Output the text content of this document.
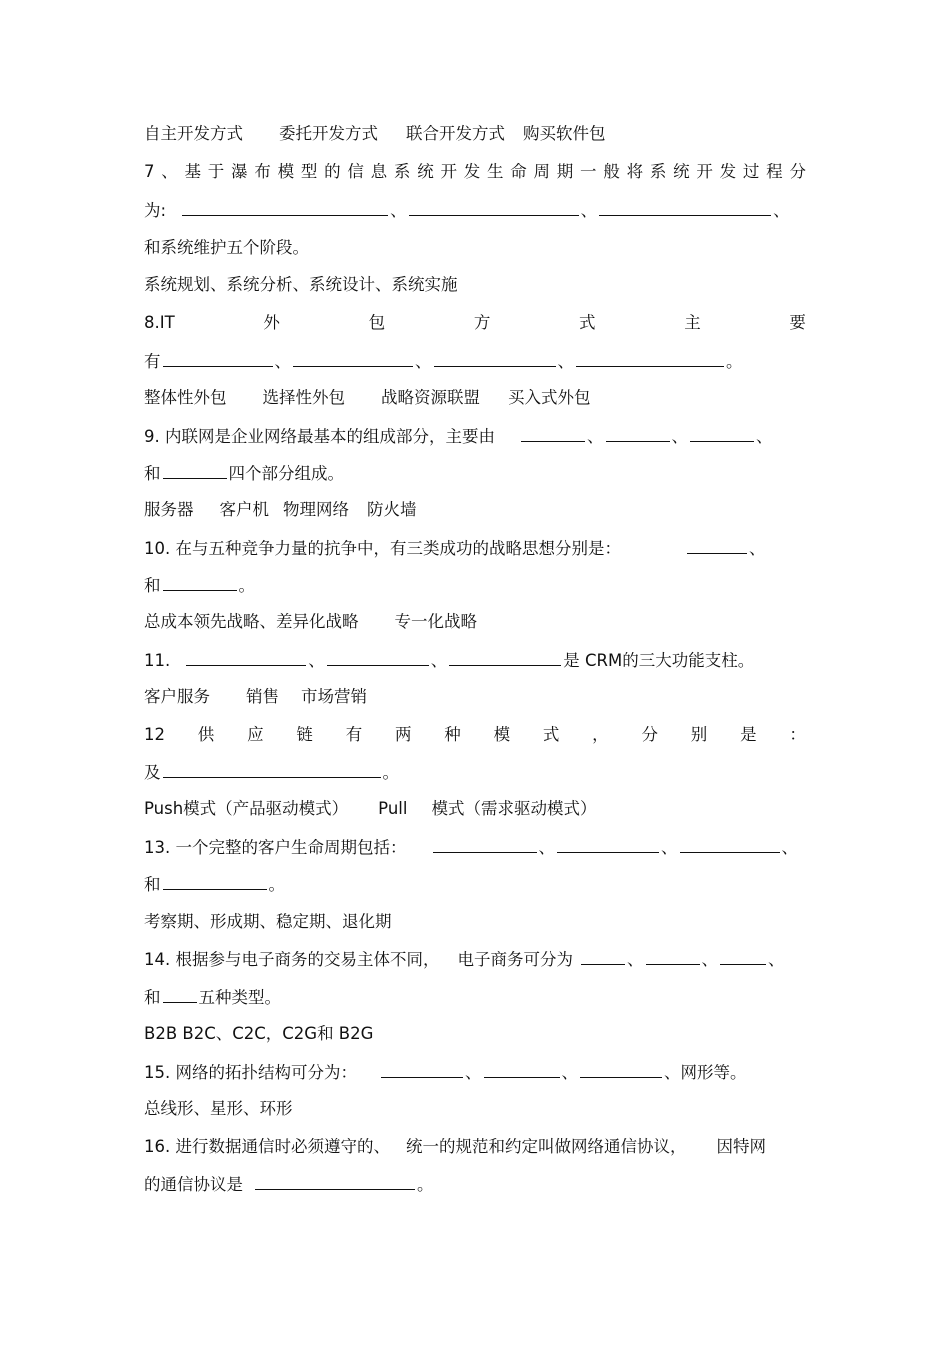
自主开发方式 委托开发方式 联合开发方式 购买软件包
7 、 基 于 瀑 布 模 型 的 信 息 系 统 开 发 生 命 周 期 一 般 将 系 统 开 发 过 程 分
为:	、	、	、
和系统维护五个阶段。
系统规划、系统分析、系统设计、系统实施
8.IT	外	包	方	式	主	要
有	、	、	、	。
整体性外包 选择性外包 战略资源联盟 买入式外包
9. 内联网是企业网络最基本的组成部分，主要由	、	、	、
和	四个部分组成。
服务器 客户机 物理网络 防火墙
10. 在与五种竞争力量的抗争中，有三类成功的战略思想分别是：	、
和	。
总成本领先战略、差异化战略 专一化战略
11.	、	、	是 CRM的三大功能支柱。
客户服务 销售 市场营销
12 供 应 链 有 两 种 模 式 ， 分 别 是 ：
及	。
Push模式（产品驱动模式） Pull 模式（需求驱动模式）
13. 一个完整的客户生命周期包括：	、	、	、
和	。
考察期、形成期、稳定期、退化期
14. 根据参与电子商务的交易主体不同， 电子商务可分为	、	、	、
和 五种类型。
B2B B2C、C2C，C2G和 B2G
15. 网络的拓扑结构可分为：	、	、	、网形等。
总线形、星形、环形
16. 进行数据通信时必须遵守的、 统一的规范和约定叫做网络通信协议， 因特网
的通信协议是	。
